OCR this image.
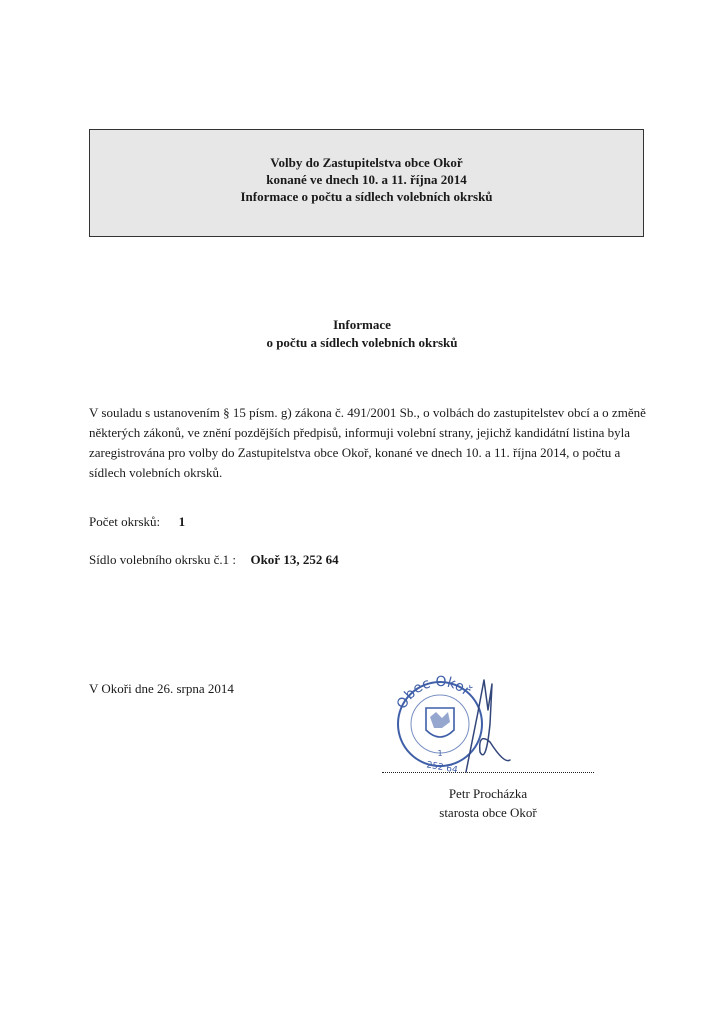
Volby do Zastupitelstva obce Okoř
konané ve dnech 10. a 11. října 2014
Informace o počtu a sídlech volebních okrsků
Informace
o počtu a sídlech volebních okrsků
V souladu s ustanovením § 15 písm. g) zákona č. 491/2001 Sb., o volbách do zastupitelstev obcí a o změně některých zákonů, ve znění pozdějších předpisů, informuji volební strany, jejichž kandidátní listina byla zaregistrována pro volby do Zastupitelstva obce Okoř, konané ve dnech 10. a 11. října 2014, o počtu a sídlech volebních okrsků.
Počet okrsků: 1
Sídlo volebního okrsku č.1 : Okoř 13, 252 64
V Okoři dne 26. srpna 2014
Obec Okoř
1
252 64
Petr Procházka
starosta obce Okoř
